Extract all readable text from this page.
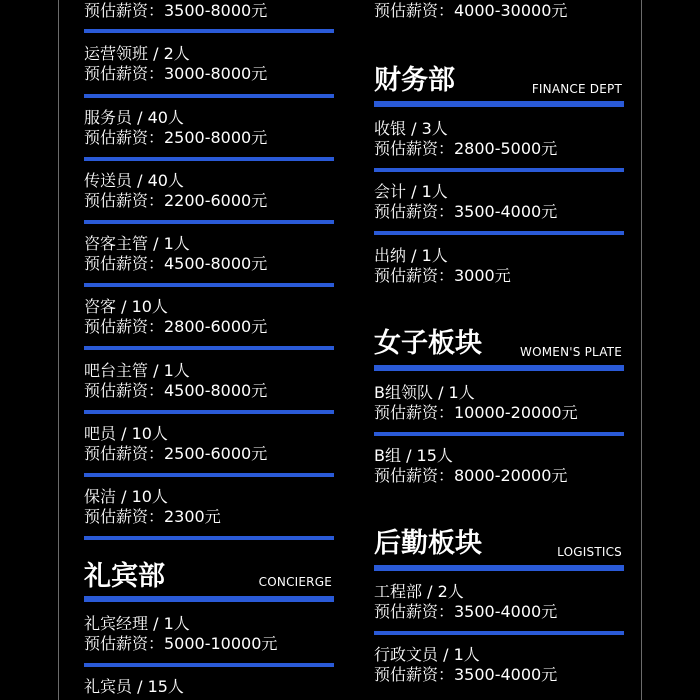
预估薪资：3500-8000元
运营领班 / 2人
预估薪资：3000-8000元
服务员 / 40人
预估薪资：2500-8000元
传送员 / 40人
预估薪资：2200-6000元
咨客主管 / 1人
预估薪资：4500-8000元
咨客 / 10人
预估薪资：2800-6000元
吧台主管 / 1人
预估薪资：4500-8000元
吧员 / 10人
预估薪资：2500-6000元
保洁 / 10人
预估薪资：2300元
礼宾部	CONCIERGE
礼宾经理 / 1人
预估薪资：5000-10000元
礼宾员 / 15人
预估薪资：4000-30000元
财务部	FINANCE DEPT
收银 / 3人
预估薪资：2800-5000元
会计 / 1人
预估薪资：3500-4000元
出纳 / 1人
预估薪资：3000元
女子板块	WOMEN'S PLATE
B组领队 / 1人
预估薪资：10000-20000元
B组 / 15人
预估薪资：8000-20000元
后勤板块	LOGISTICS
工程部 / 2人
预估薪资：3500-4000元
行政文员 / 1人
预估薪资：3500-4000元
